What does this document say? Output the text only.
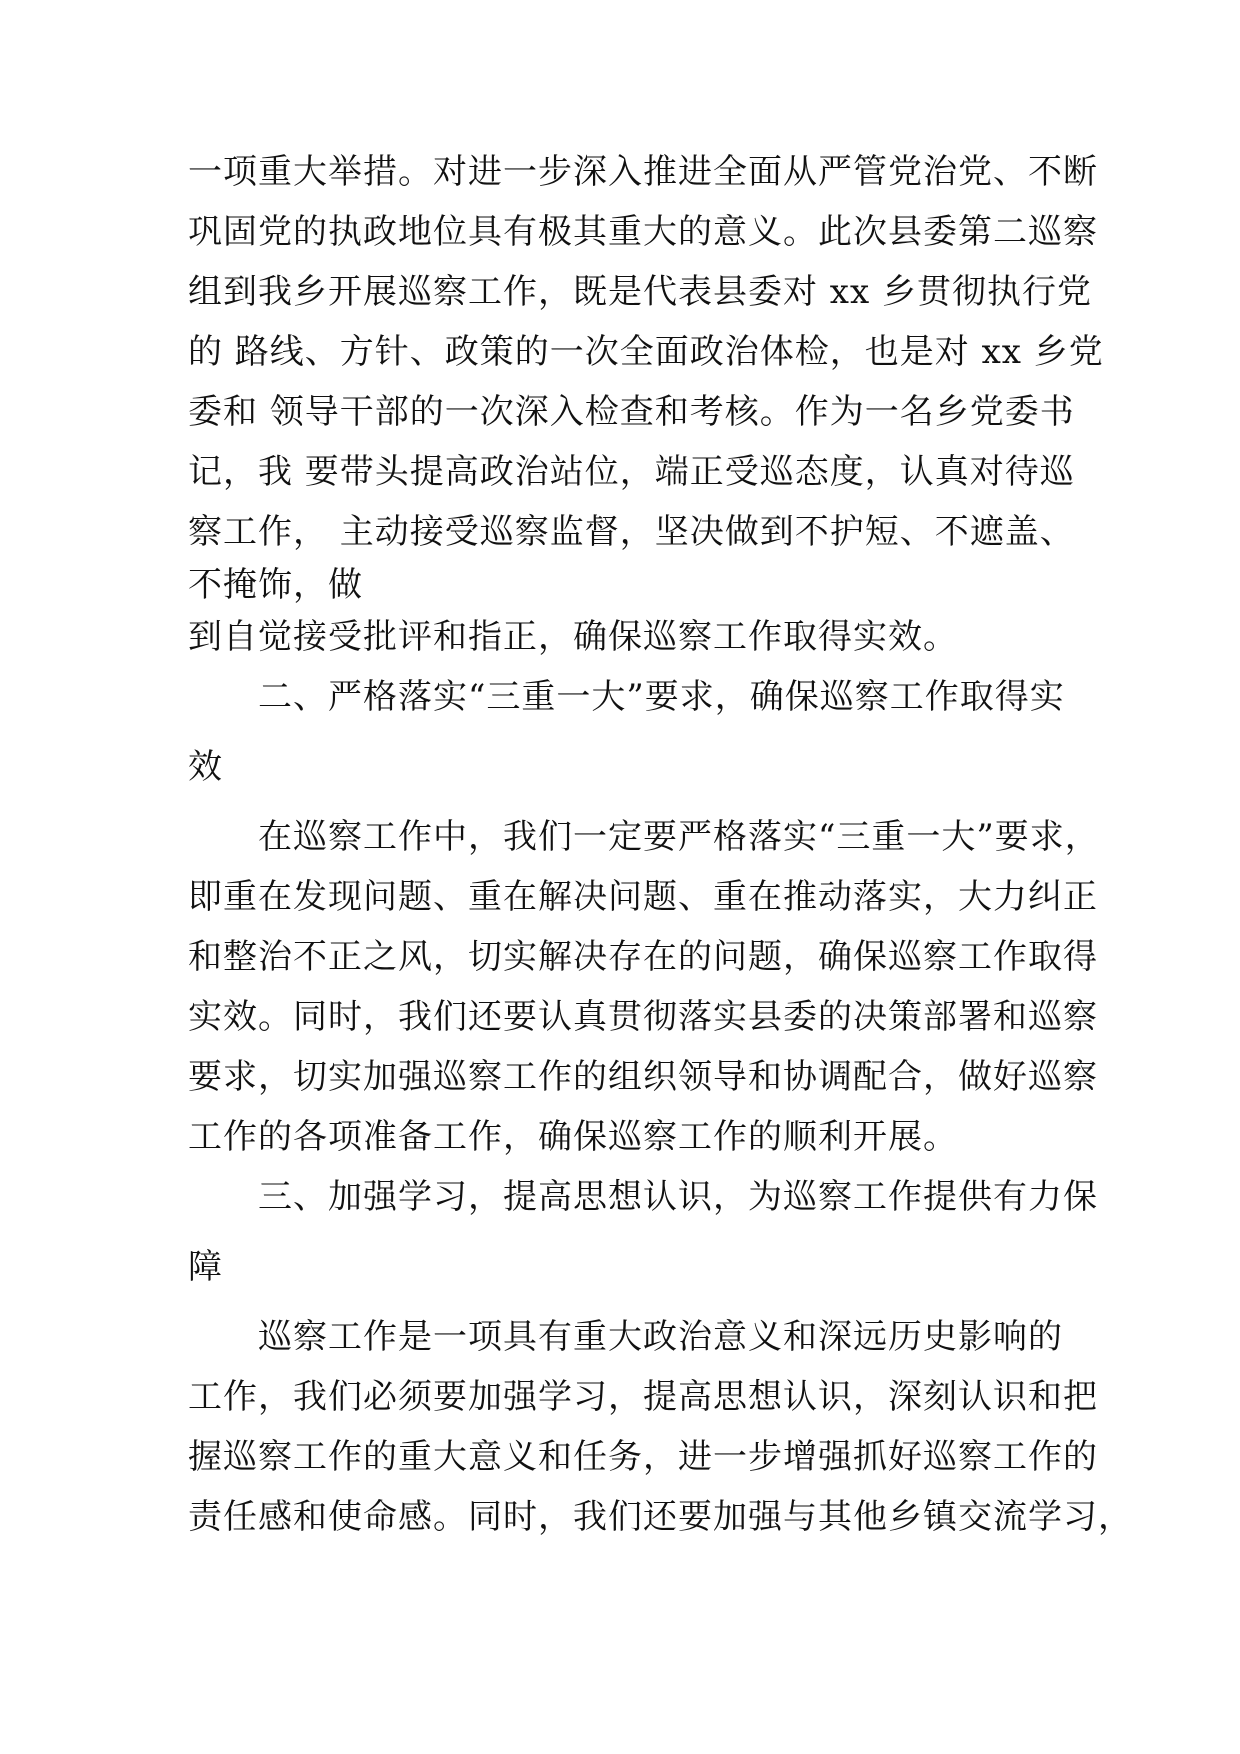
一项重大举措。对进一步深入推进全面从严管党治党、不断

巩固党的执政地位具有极其重大的意义。此次县委第二巡察

组到我乡开展巡察工作，既是代表县委对 xx 乡贯彻执行党

的 路线、方针、政策的一次全面政治体检，也是对 xx 乡党

委和 领导干部的一次深入检查和考核。作为一名乡党委书

记，我 要带头提高政治站位，端正受巡态度，认真对待巡

察工作， 主动接受巡察监督，坚决做到不护短、不遮盖、

不掩饰，做

到自觉接受批评和指正，确保巡察工作取得实效。

二、严格落实“三重一大”要求，确保巡察工作取得实

效

在巡察工作中，我们一定要严格落实“三重一大”要求，

即重在发现问题、重在解决问题、重在推动落实，大力纠正

和整治不正之风，切实解决存在的问题，确保巡察工作取得

实效。同时，我们还要认真贯彻落实县委的决策部署和巡察

要求，切实加强巡察工作的组织领导和协调配合，做好巡察

工作的各项准备工作，确保巡察工作的顺利开展。

三、加强学习，提高思想认识，为巡察工作提供有力保

障

巡察工作是一项具有重大政治意义和深远历史影响的

工作，我们必须要加强学习，提高思想认识，深刻认识和把

握巡察工作的重大意义和任务，进一步增强抓好巡察工作的

责任感和使命感。同时，我们还要加强与其他乡镇交流学习，
